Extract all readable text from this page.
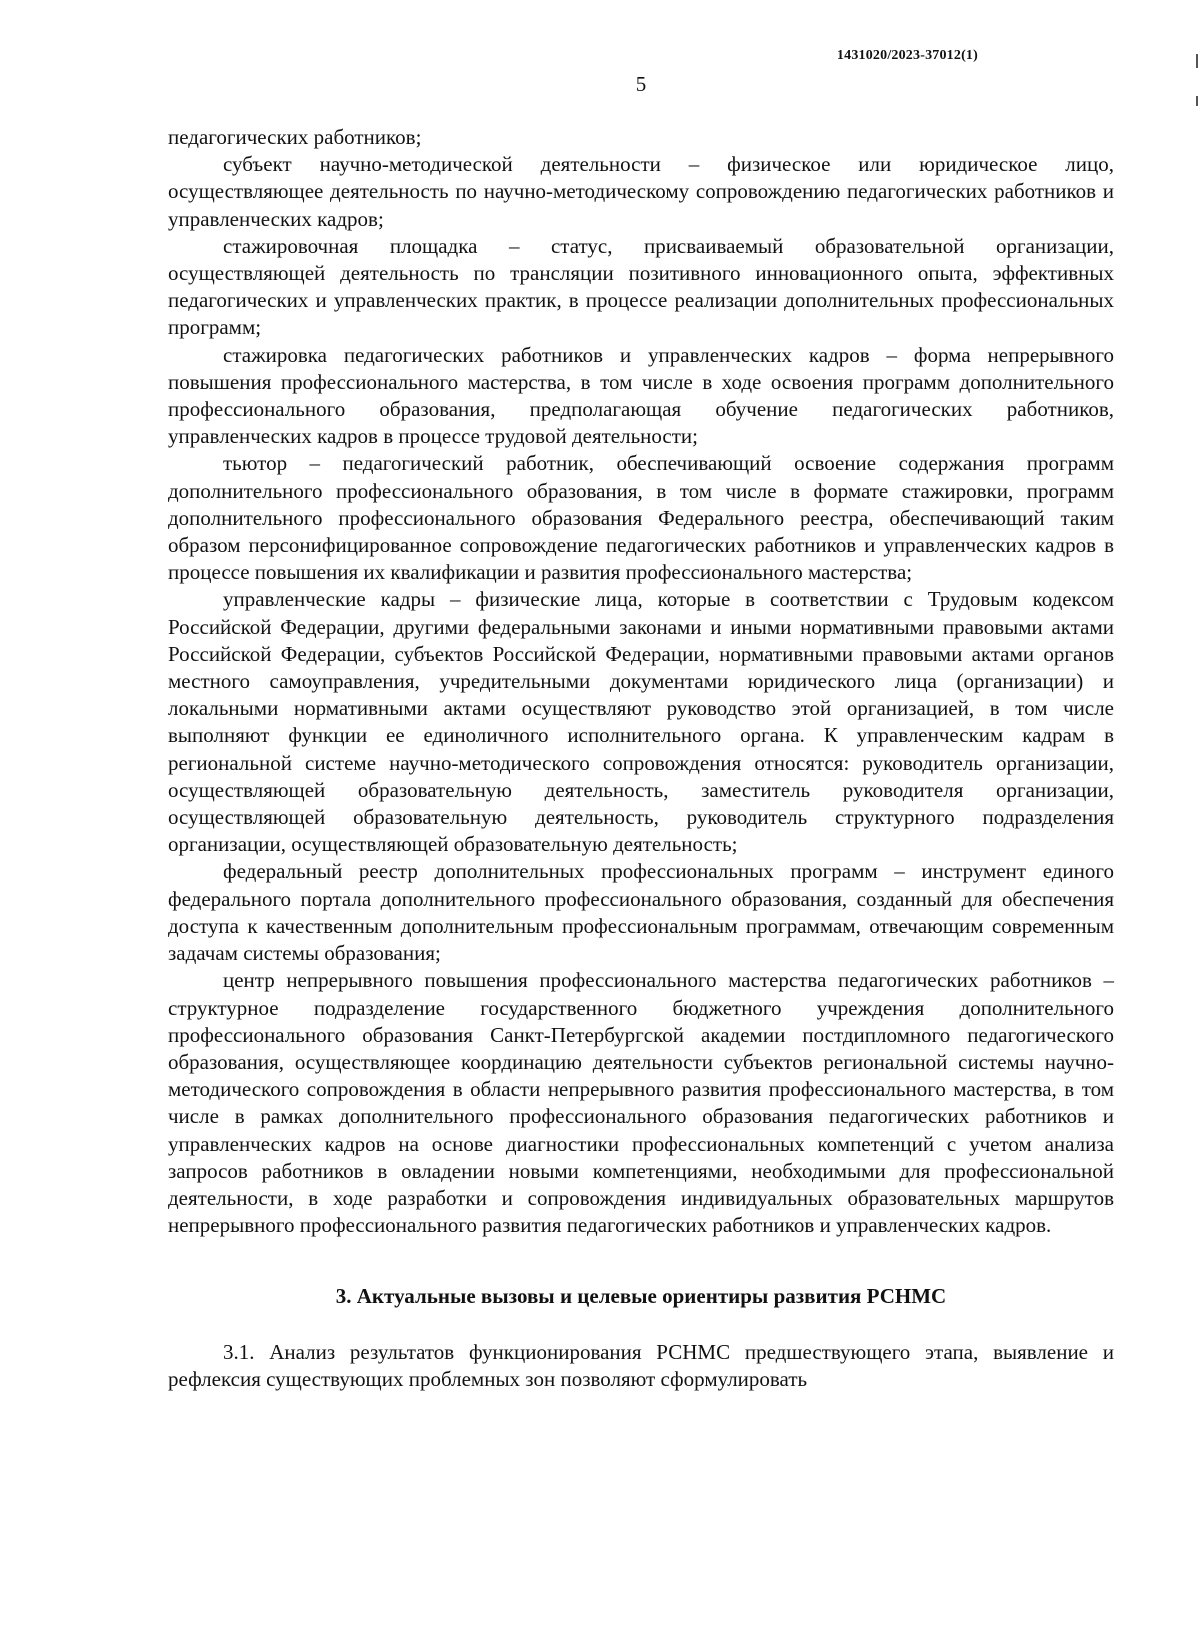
1431020/2023-37012(1)
5

педагогических работников;

субъект научно-методической деятельности – физическое или юридическое лицо, осуществляющее деятельность по научно-методическому сопровождению педагогических работников и управленческих кадров;

стажировочная площадка – статус, присваиваемый образовательной организации, осуществляющей деятельность по трансляции позитивного инновационного опыта, эффективных педагогических и управленческих практик, в процессе реализации дополнительных профессиональных программ;

стажировка педагогических работников и управленческих кадров – форма непрерывного повышения профессионального мастерства, в том числе в ходе освоения программ дополнительного профессионального образования, предполагающая обучение педагогических работников, управленческих кадров в процессе трудовой деятельности;

тьютор – педагогический работник, обеспечивающий освоение содержания программ дополнительного профессионального образования, в том числе в формате стажировки, программ дополнительного профессионального образования Федерального реестра, обеспечивающий таким образом персонифицированное сопровождение педагогических работников и управленческих кадров в процессе повышения их квалификации и развития профессионального мастерства;

управленческие кадры – физические лица, которые в соответствии с Трудовым кодексом Российской Федерации, другими федеральными законами и иными нормативными правовыми актами Российской Федерации, субъектов Российской Федерации, нормативными правовыми актами органов местного самоуправления, учредительными документами юридического лица (организации) и локальными нормативными актами осуществляют руководство этой организацией, в том числе выполняют функции ее единоличного исполнительного органа. К управленческим кадрам в региональной системе научно-методического сопровождения относятся: руководитель организации, осуществляющей образовательную деятельность, заместитель руководителя организации, осуществляющей образовательную деятельность, руководитель структурного подразделения организации, осуществляющей образовательную деятельность;

федеральный реестр дополнительных профессиональных программ – инструмент единого федерального портала дополнительного профессионального образования, созданный для обеспечения доступа к качественным дополнительным профессиональным программам, отвечающим современным задачам системы образования;

центр непрерывного повышения профессионального мастерства педагогических работников – структурное подразделение государственного бюджетного учреждения дополнительного профессионального образования Санкт-Петербургской академии постдипломного педагогического образования, осуществляющее координацию деятельности субъектов региональной системы научно-методического сопровождения в области непрерывного развития профессионального мастерства, в том числе в рамках дополнительного профессионального образования педагогических работников и управленческих кадров на основе диагностики профессиональных компетенций с учетом анализа запросов работников в овладении новыми компетенциями, необходимыми для профессиональной деятельности, в ходе разработки и сопровождения индивидуальных образовательных маршрутов непрерывного профессионального развития педагогических работников и управленческих кадров.

3. Актуальные вызовы и целевые ориентиры развития РСНМС

3.1. Анализ результатов функционирования РСНМС предшествующего этапа, выявление и рефлексия существующих проблемных зон позволяют сформулировать
